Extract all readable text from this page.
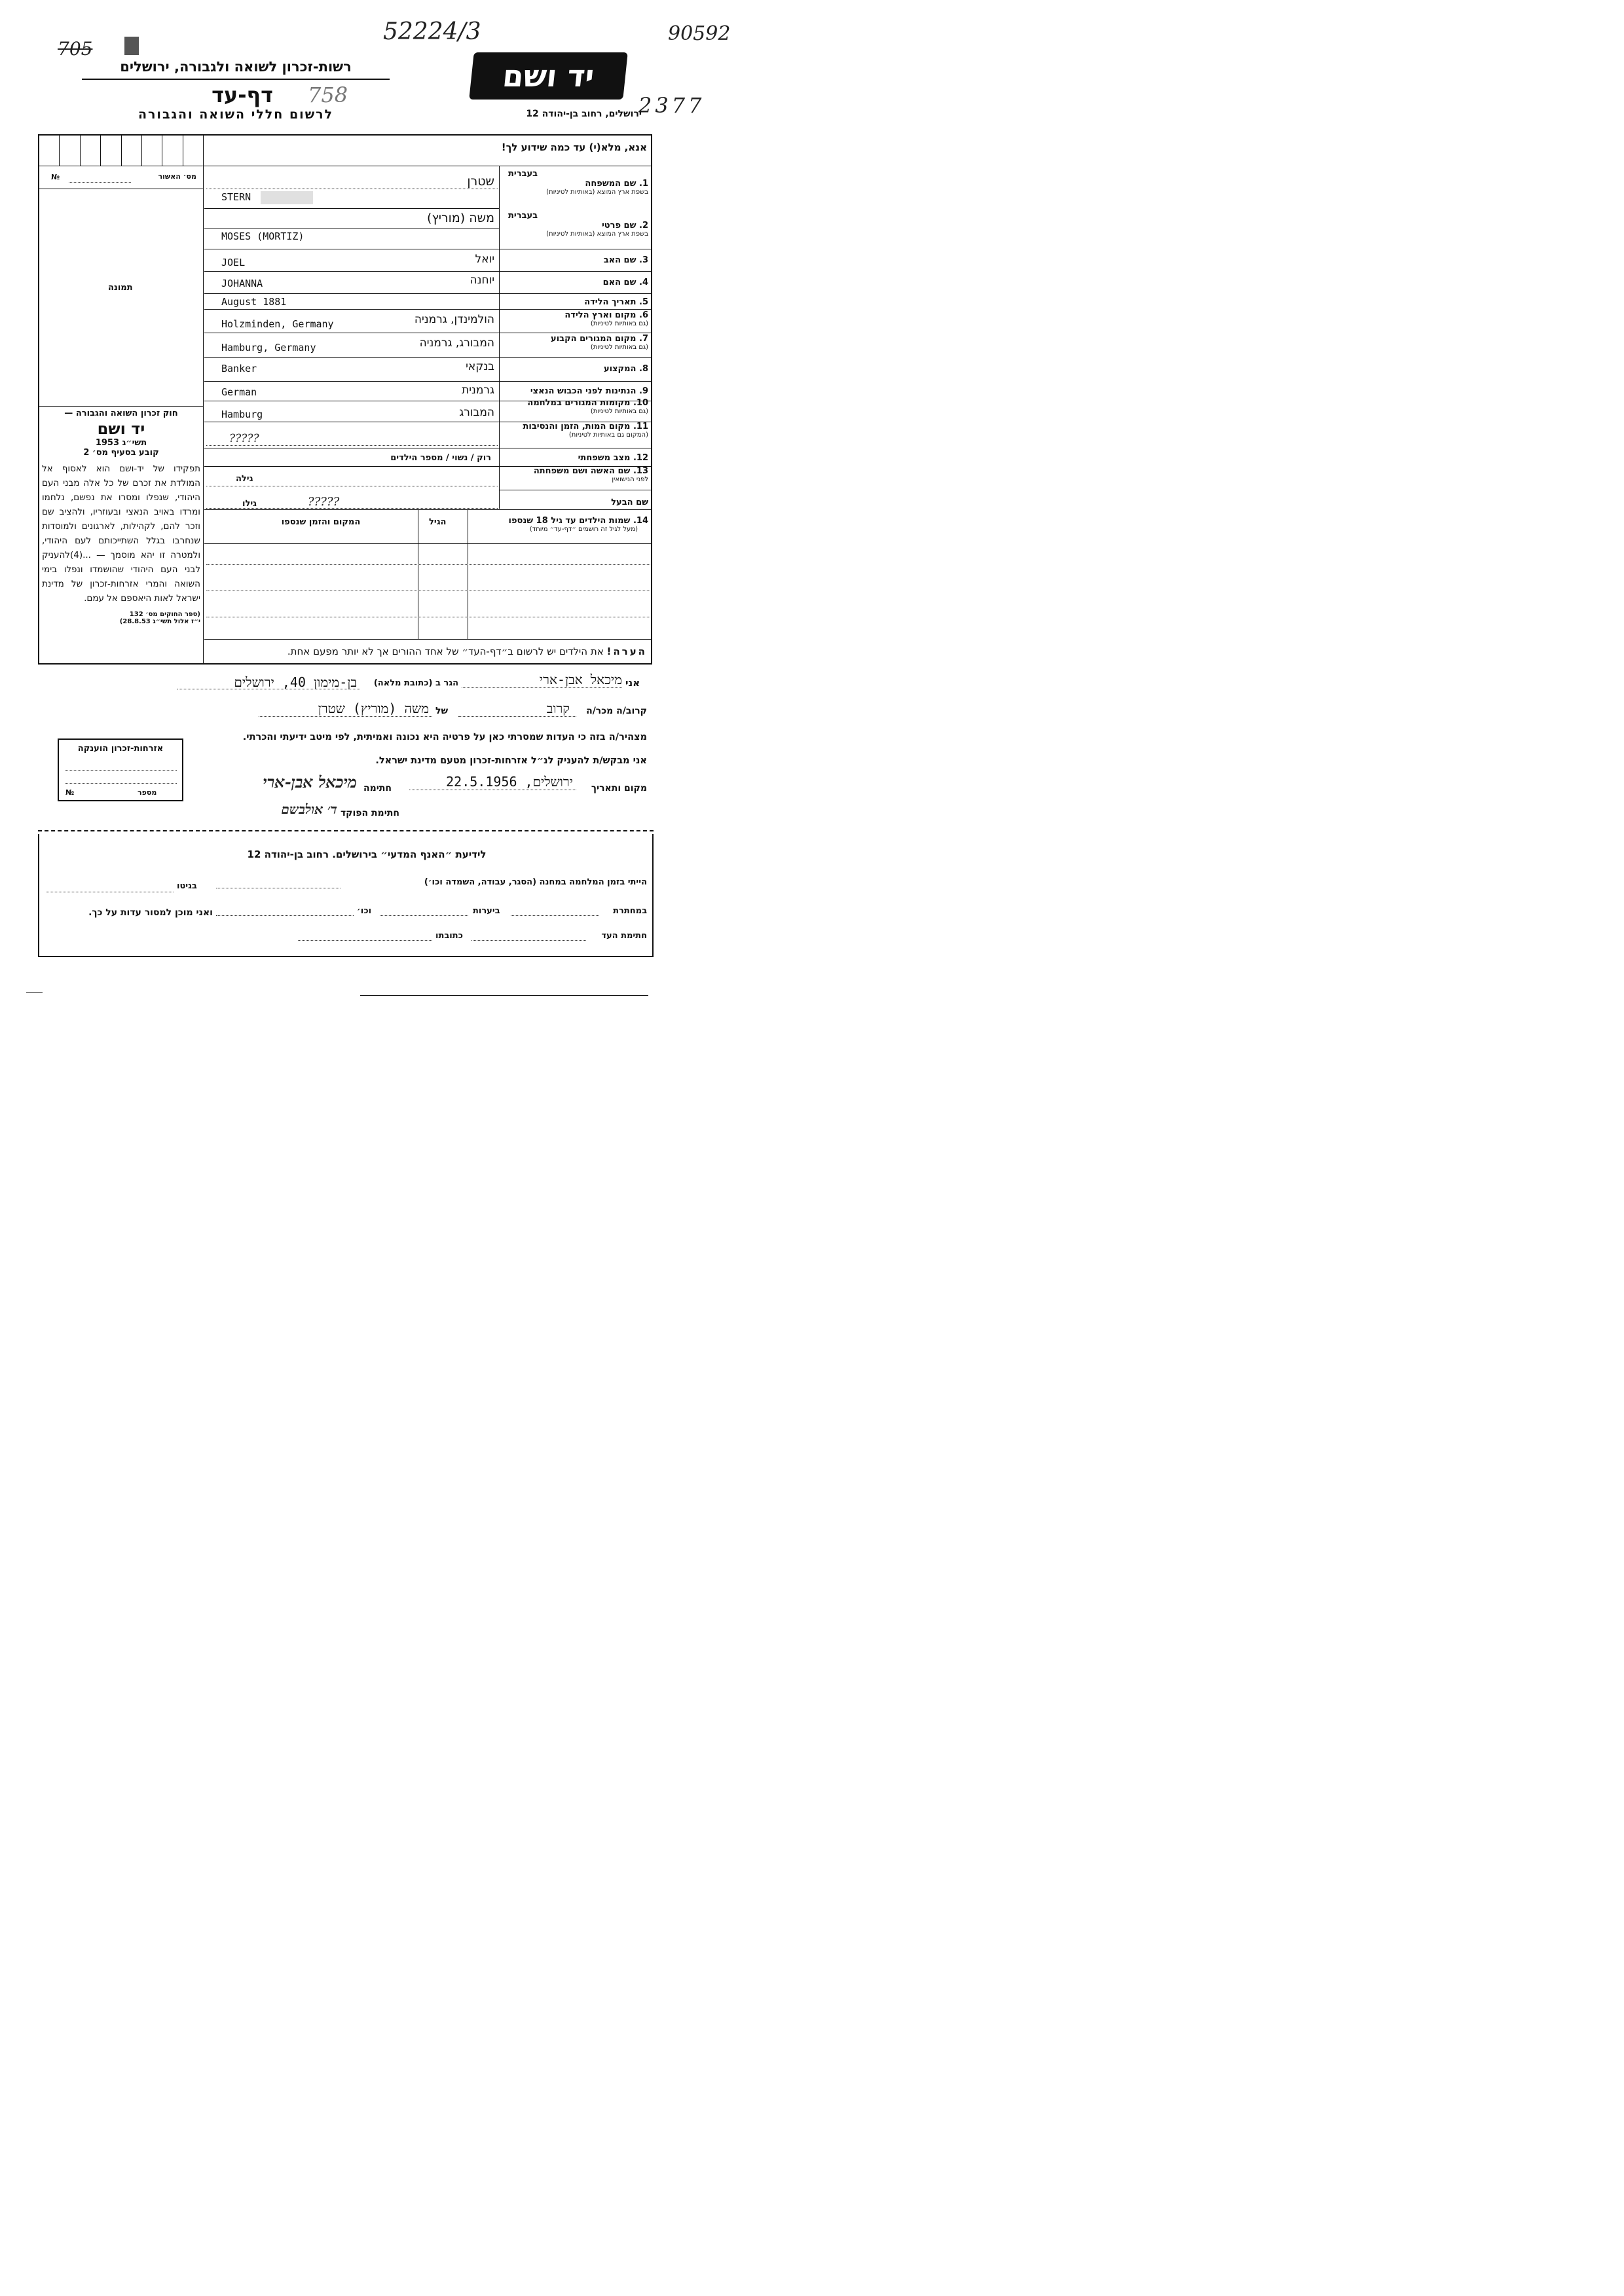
705
52224/3	90592
2377
רשות-זכרון לשואה ולגבורה, ירושלים
דף-עד	758
לרשום חללי השואה והגבורה
יד ושם
ירושלים, רחוב בן-יהודה 12
אנא, מלא(י) עד כמה שידוע לך!
מס׳ האשור
№
תמונה
חוק זכרון השואה והגבורה —
יד ושם
תשי״ג 1953
קובע בסעיף מס׳ 2
תפקידו של יד-ושם הוא לאסוף אל המולדת את זכרם של כל אלה מבני העם היהודי, שנפלו ומסרו את נפשם, נלחמו ומרדו באויב הנאצי ובעוזריו, ולהציב שם וזכר להם, לקהילות, לארגונים ולמוסדות שנחרבו בגלל השתייכותם לעם היהודי, ולמטרה זו יהא מוסמך — ...(4)להעניק לבני העם היהודי שהושמדו ונפלו בימי השואה והמרי אזרחות-זכרון של מדינת ישראל לאות היאספם אל עמם.
(ספר החוקים מס׳ 132
י״ז אלול תשי״ג 28.8.53)
בעברית
1. שם המשפחה
בשפת ארץ המוצא (באותיות לטיניות)
שטרן
STERN
בעברית
2. שם פרטי
בשפת ארץ המוצא (באותיות לטיניות)
משה (מוריץ)
MOSES (MORTIZ)
3. שם האב
JOEL	יואל
4. שם האם
JOHANNA	יוחנה
5. תאריך הלידה
August 1881
6. מקום וארץ הלידה
(גם באותיות לטיניות)
Holzminden, Germany	הולמינדן, גרמניה
7. מקום המגורים הקבוע
(גם באותיות לטיניות)
Hamburg, Germany	המבורג, גרמניה
8. המקצוע
Banker	בנקאי
9. הנתינות לפני הכבוש הנאצי
German	גרמנית
10. מקומות המגורים במלחמה
(גם באותיות לטיניות)
Hamburg	המבורג
11. מקום המות, הזמן והנסיבות
(המקום גם באותיות לטיניות)
?????
12. מצב משפחתי
רוק / נשוי / מספר הילדים
13. שם האשה ושם משפחתה
לפני הנישואין
גילה
שם הבעל
גילו	?????
14. שמות הילדים עד גיל 18 שנספו
(מעל לגיל זה רושמים ״דף-עד״ מיוחד)
הגיל
המקום והזמן שנספו
הערה! את הילדים יש לרשום ב״דף-העד״ של אחד ההורים אך לא יותר מפעם אחת.
אני
מיכאל אבן-ארי
הגר ב (כתובת מלאה)
בן-מימון 40, ירושלים
קרוב/ה מכר/ה
קרוב
של
משה (מוריץ) שטרן
מצהיר/ה בזה כי העדות שמסרתי כאן על פרטיה היא נכונה ואמיתית, לפי מיטב ידיעתי והכרתי.
אני מבקש/ת להעניק לנ״ל אזרחות-זכרון מטעם מדינת ישראל.
אזרחות-זכרון הוענקה
№	מספר	מקום ותאריך
ירושלים, 22.5.1956
חתימה
מיכאל אבן-ארי
חתימת הפוקד
ד׳ אולבשם
לידיעת ״האנף המדעי״ בירושלים. רחוב בן-יהודה 12
הייתי בזמן המלחמה במחנה (הסגר, עבודה, השמדה וכו׳)
בגיטו
במחתרת
ביערות
וכו׳
ואני מוכן למסור עדות על כך.
חתימת העד
כתובתו
